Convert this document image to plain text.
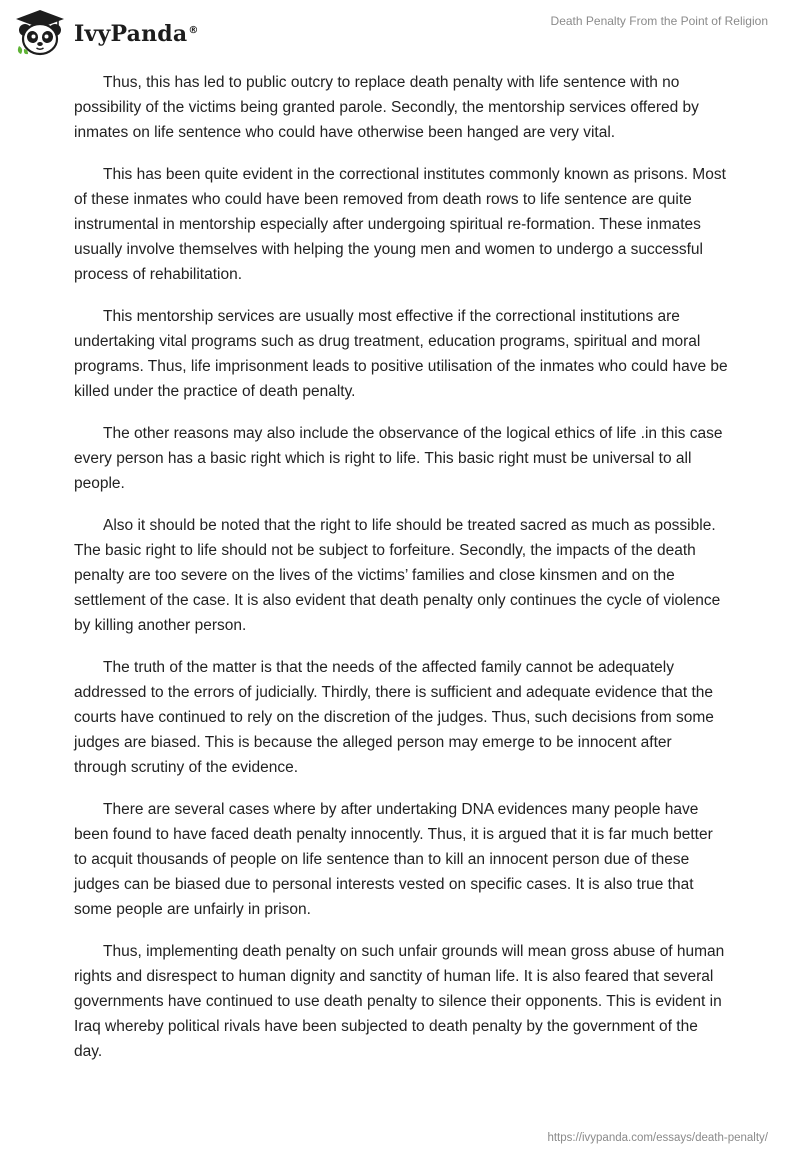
IvyPanda®
Death Penalty From the Point of Religion

Thus, this has led to public outcry to replace death penalty with life sentence with no possibility of the victims being granted parole. Secondly, the mentorship services offered by inmates on life sentence who could have otherwise been hanged are very vital.

This has been quite evident in the correctional institutes commonly known as prisons. Most of these inmates who could have been removed from death rows to life sentence are quite instrumental in mentorship especially after undergoing spiritual re-formation. These inmates usually involve themselves with helping the young men and women to undergo a successful process of rehabilitation.

This mentorship services are usually most effective if the correctional institutions are undertaking vital programs such as drug treatment, education programs, spiritual and moral programs. Thus, life imprisonment leads to positive utilisation of the inmates who could have be killed under the practice of death penalty.

The other reasons may also include the observance of the logical ethics of life .in this case every person has a basic right which is right to life. This basic right must be universal to all people.

Also it should be noted that the right to life should be treated sacred as much as possible. The basic right to life should not be subject to forfeiture. Secondly, the impacts of the death penalty are too severe on the lives of the victims’ families and close kinsmen and on the settlement of the case. It is also evident that death penalty only continues the cycle of violence by killing another person.

The truth of the matter is that the needs of the affected family cannot be adequately addressed to the errors of judicially. Thirdly, there is sufficient and adequate evidence that the courts have continued to rely on the discretion of the judges. Thus, such decisions from some judges are biased. This is because the alleged person may emerge to be innocent after through scrutiny of the evidence.

There are several cases where by after undertaking DNA evidences many people have been found to have faced death penalty innocently. Thus, it is argued that it is far much better to acquit thousands of people on life sentence than to kill an innocent person due of these judges can be biased due to personal interests vested on specific cases. It is also true that some people are unfairly in prison.

Thus, implementing death penalty on such unfair grounds will mean gross abuse of human rights and disrespect to human dignity and sanctity of human life. It is also feared that several governments have continued to use death penalty to silence their opponents. This is evident in Iraq whereby political rivals have been subjected to death penalty by the government of the day.

https://ivypanda.com/essays/death-penalty/
